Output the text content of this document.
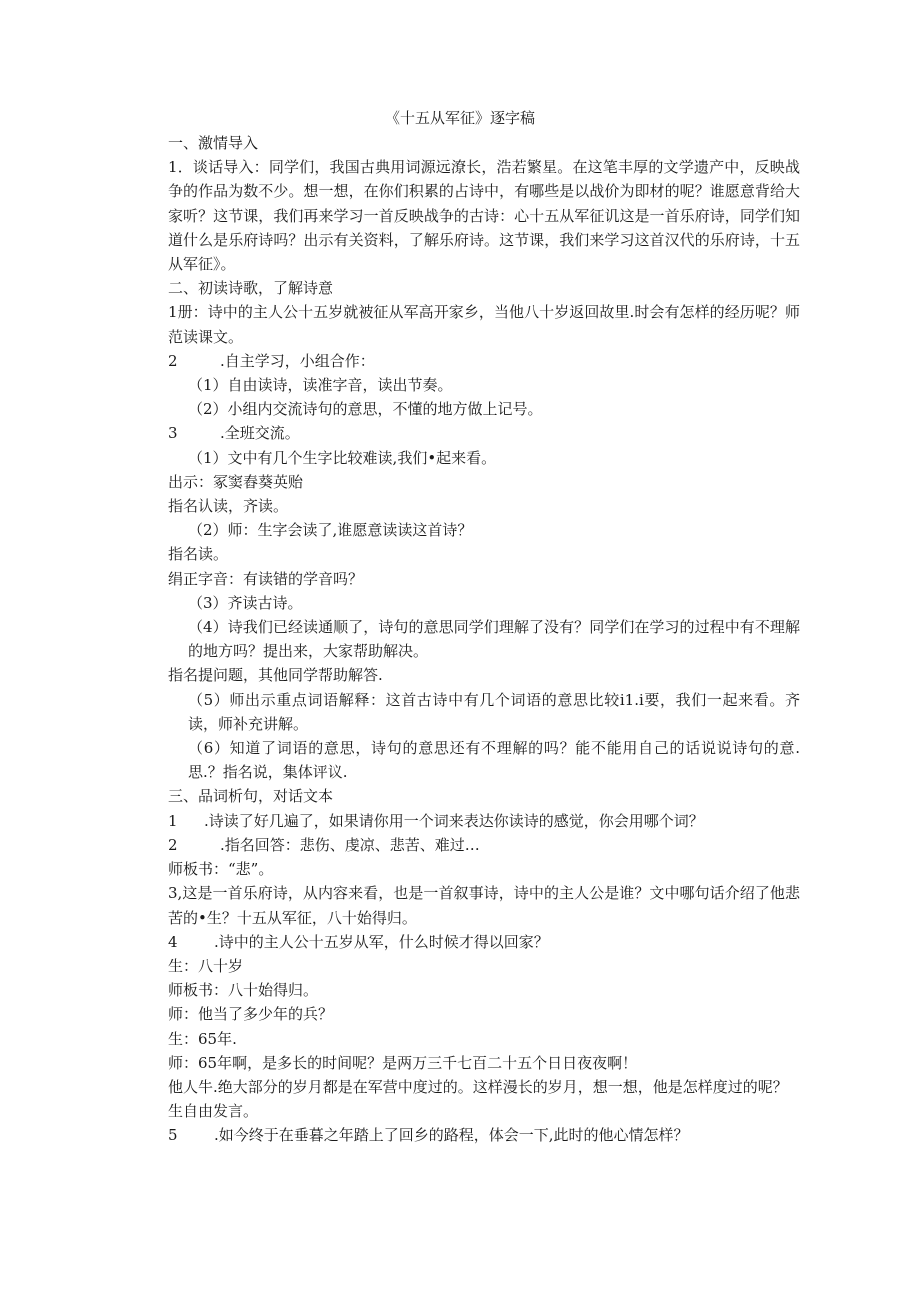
《十五从军征》逐字稿

一、激情导入

1．谈话导入：同学们，我国古典用词源远潦长，浩若繁星。在这笔丰厚的文学遗产中，反映战争的作品为数不少。想一想，在你们积累的占诗中，有哪些是以战价为即材的呢？谁愿意背给大家听？这节课，我们再来学习一首反映战争的古诗：心十五从军征讥这是一首乐府诗，同学们知道什么是乐府诗吗？出示有关资料，了解乐府诗。这节课，我们来学习这首汉代的乐府诗，十五从军征》。

二、初读诗歌，了解诗意

1册：诗中的主人公十五岁就被征从军高开家乡，当他八十岁返回故里.时会有怎样的经历呢？师范读课文。

2	.自主学习，小组合作：

（1）自由读诗，读准字音，读出节奏。

（2）小组内交流诗句的意思，不懂的地方做上记号。

3	.全班交流。

（1）文中有几个生字比较难读,我们•起来看。

出示：冢窦舂葵英贻

指名认读，齐读。

（2）师：生字会读了,谁愿意读读这首诗？

指名读。

绢正字音：有读错的学音吗？

（3）齐读古诗。

（4）诗我们已经读通顺了，诗句的意思同学们理解了没有？同学们在学习的过程中有不理解的地方吗？提出来，大家帮助解决。

指名提问题，其他同学帮助解答.

（5）师出示重点词语解释：这首古诗中有几个词语的意思比较i1.i要，我们一起来看。齐读，师补充讲解。

（6）知道了词语的意思，诗句的意思还有不理解的吗？能不能用自己的话说说诗句的意.思.？指名说，集体评议.

三、品词析句，对话文本

1 .诗读了好几遍了，如果请你用一个词来表达你读诗的感觉，你会用哪个词？

2	.指名回答：悲伤、虔凉、悲苦、难过…

师板书：“悲”。

3,这是一首乐府诗，从内容来看，也是一首叙事诗，诗中的主人公是谁？文中哪句话介绍了他悲苦的•生？十五从军征，八十始得归。

4 .诗中的主人公十五岁从军，什么时候才得以回家？

生：八十岁

师板书：八十始得归。

师：他当了多少年的兵？

生：65年.

师：65年啊，是多长的时间呢？是两万三千七百二十五个日日夜夜啊！

他人牛.绝大部分的岁月都是在军营中度过的。这样漫长的岁月，想一想，他是怎样度过的呢？

生自由发言。

5 .如今终于在垂暮之年踏上了回乡的路程，体会一下,此时的他心情怎样？
